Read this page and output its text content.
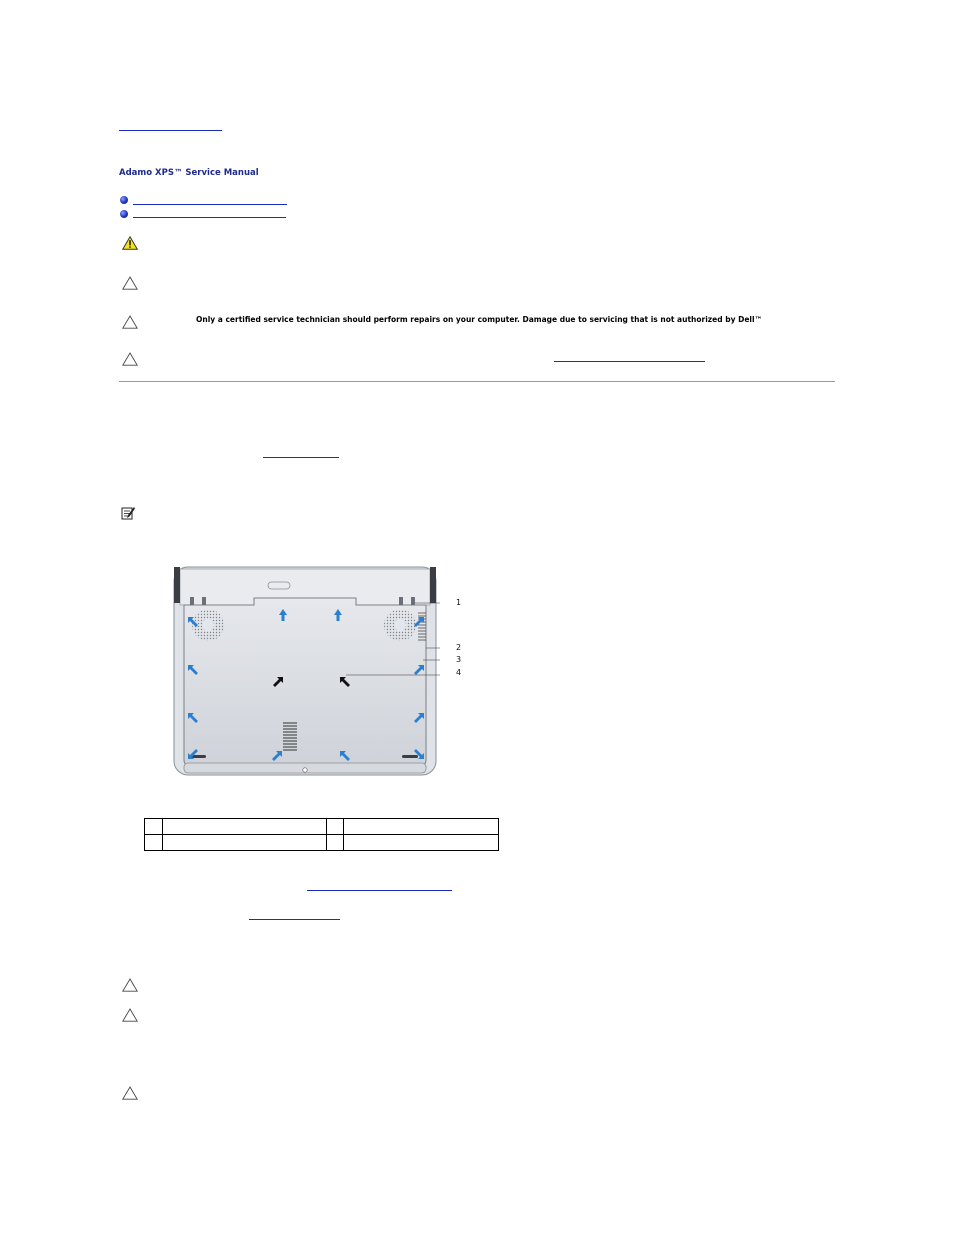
Adamo XPS™ Service Manual
Only a certified service technician should perform repairs on your computer. Damage due to servicing that is not authorized by Dell™
1
2
3
4
